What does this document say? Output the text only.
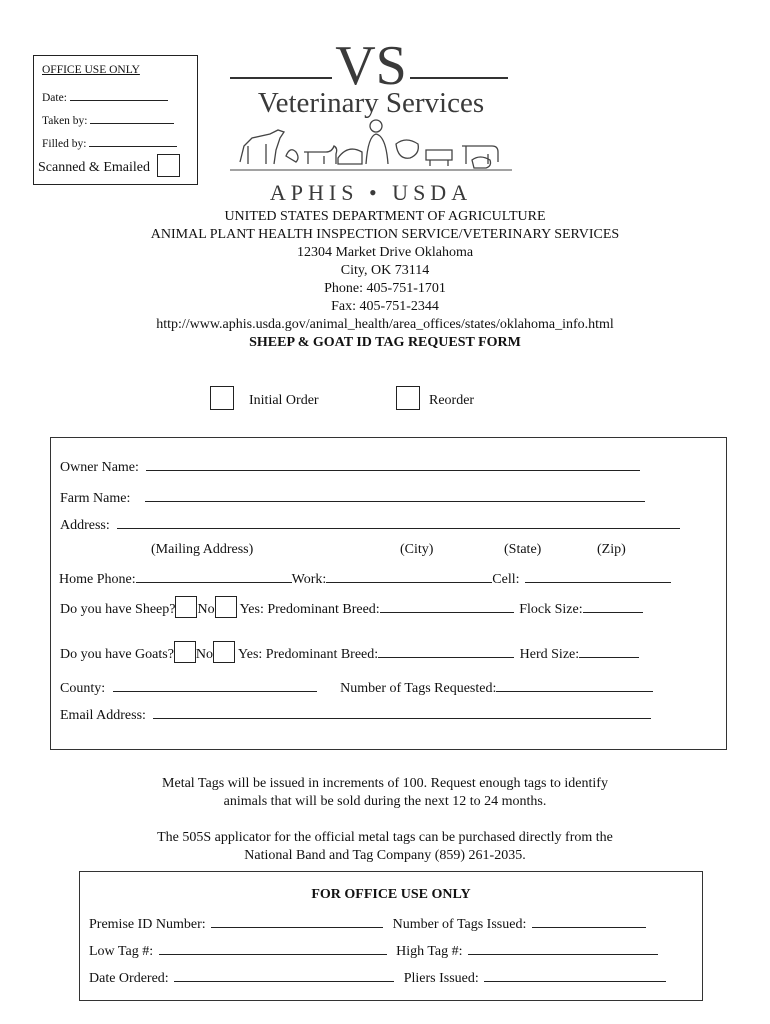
OFFICE USE ONLY
Date:
Taken by:
Filled by:
Scanned & Emailed
VS
Veterinary Services
APHIS • USDA
UNITED STATES DEPARTMENT OF AGRICULTURE
ANIMAL PLANT HEALTH INSPECTION SERVICE/VETERINARY SERVICES
12304 Market Drive Oklahoma
City, OK 73114
Phone: 405-751-1701
Fax: 405-751-2344
http://www.aphis.usda.gov/animal_health/area_offices/states/oklahoma_info.html
SHEEP & GOAT ID TAG REQUEST FORM
Initial Order	Reorder
Owner Name:
Farm Name:
Address:
(Mailing Address)	(City)	(State)	(Zip)
Home Phone:	Work:	Cell:
Do you have Sheep? No Yes: Predominant Breed:	Flock Size:
Do you have Goats? No Yes: Predominant Breed:	Herd Size:
County:	Number of Tags Requested:
Email Address:
Metal Tags will be issued in increments of 100. Request enough tags to identify
animals that will be sold during the next 12 to 24 months.
The 505S applicator for the official metal tags can be purchased directly from the
National Band and Tag Company (859) 261-2035.
FOR OFFICE USE ONLY
Premise ID Number:	Number of Tags Issued:
Low Tag #:	High Tag #:
Date Ordered:	Pliers Issued:
